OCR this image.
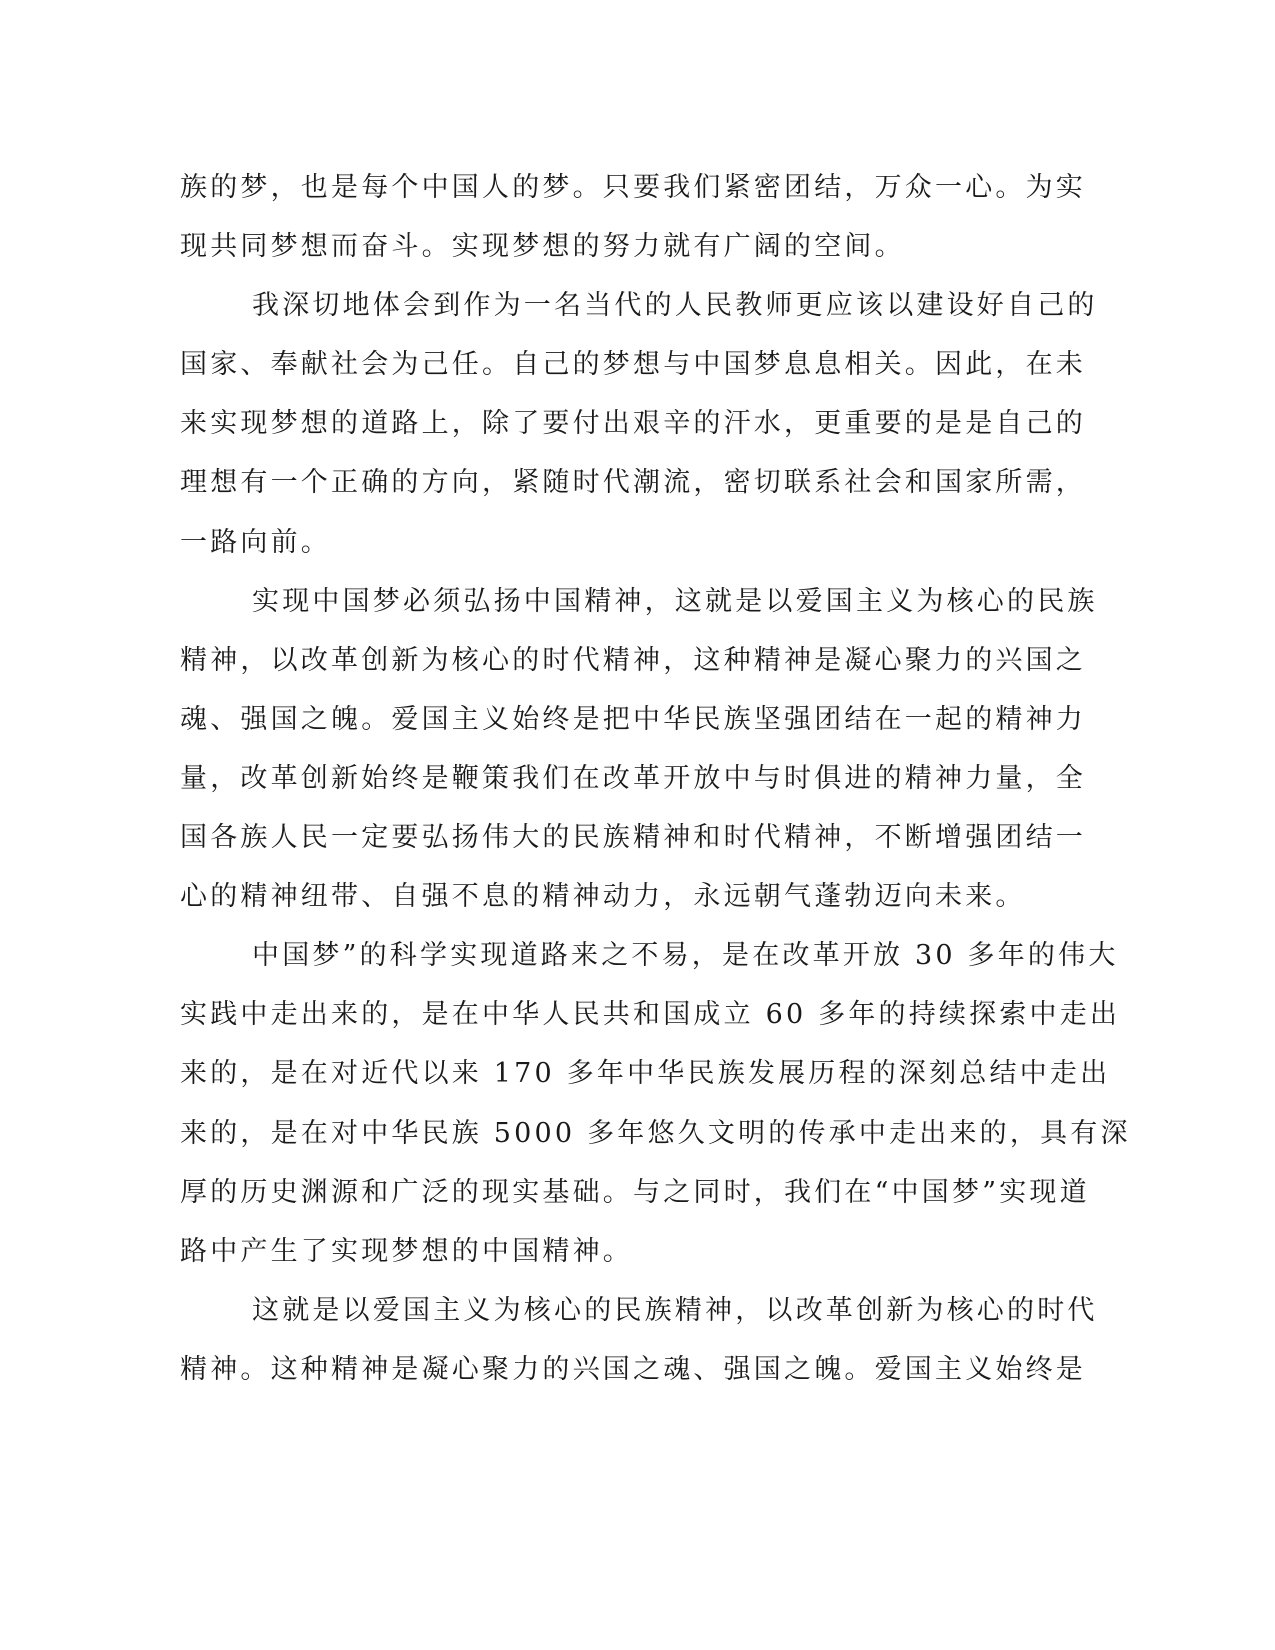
族的梦，也是每个中国人的梦。只要我们紧密团结，万众一心。为实
现共同梦想而奋斗。实现梦想的努力就有广阔的空间。
我深切地体会到作为一名当代的人民教师更应该以建设好自己的
国家、奉献社会为己任。自己的梦想与中国梦息息相关。因此，在未
来实现梦想的道路上，除了要付出艰辛的汗水，更重要的是是自己的
理想有一个正确的方向，紧随时代潮流，密切联系社会和国家所需，
一路向前。
实现中国梦必须弘扬中国精神，这就是以爱国主义为核心的民族
精神，以改革创新为核心的时代精神，这种精神是凝心聚力的兴国之
魂、强国之魄。爱国主义始终是把中华民族坚强团结在一起的精神力
量，改革创新始终是鞭策我们在改革开放中与时俱进的精神力量，全
国各族人民一定要弘扬伟大的民族精神和时代精神，不断增强团结一
心的精神纽带、自强不息的精神动力，永远朝气蓬勃迈向未来。
中国梦”的科学实现道路来之不易，是在改革开放 30 多年的伟大
实践中走出来的，是在中华人民共和国成立 60 多年的持续探索中走出
来的，是在对近代以来 170 多年中华民族发展历程的深刻总结中走出
来的，是在对中华民族 5000 多年悠久文明的传承中走出来的，具有深
厚的历史渊源和广泛的现实基础。与之同时，我们在“中国梦”实现道
路中产生了实现梦想的中国精神。
这就是以爱国主义为核心的民族精神，以改革创新为核心的时代
精神。这种精神是凝心聚力的兴国之魂、强国之魄。爱国主义始终是
